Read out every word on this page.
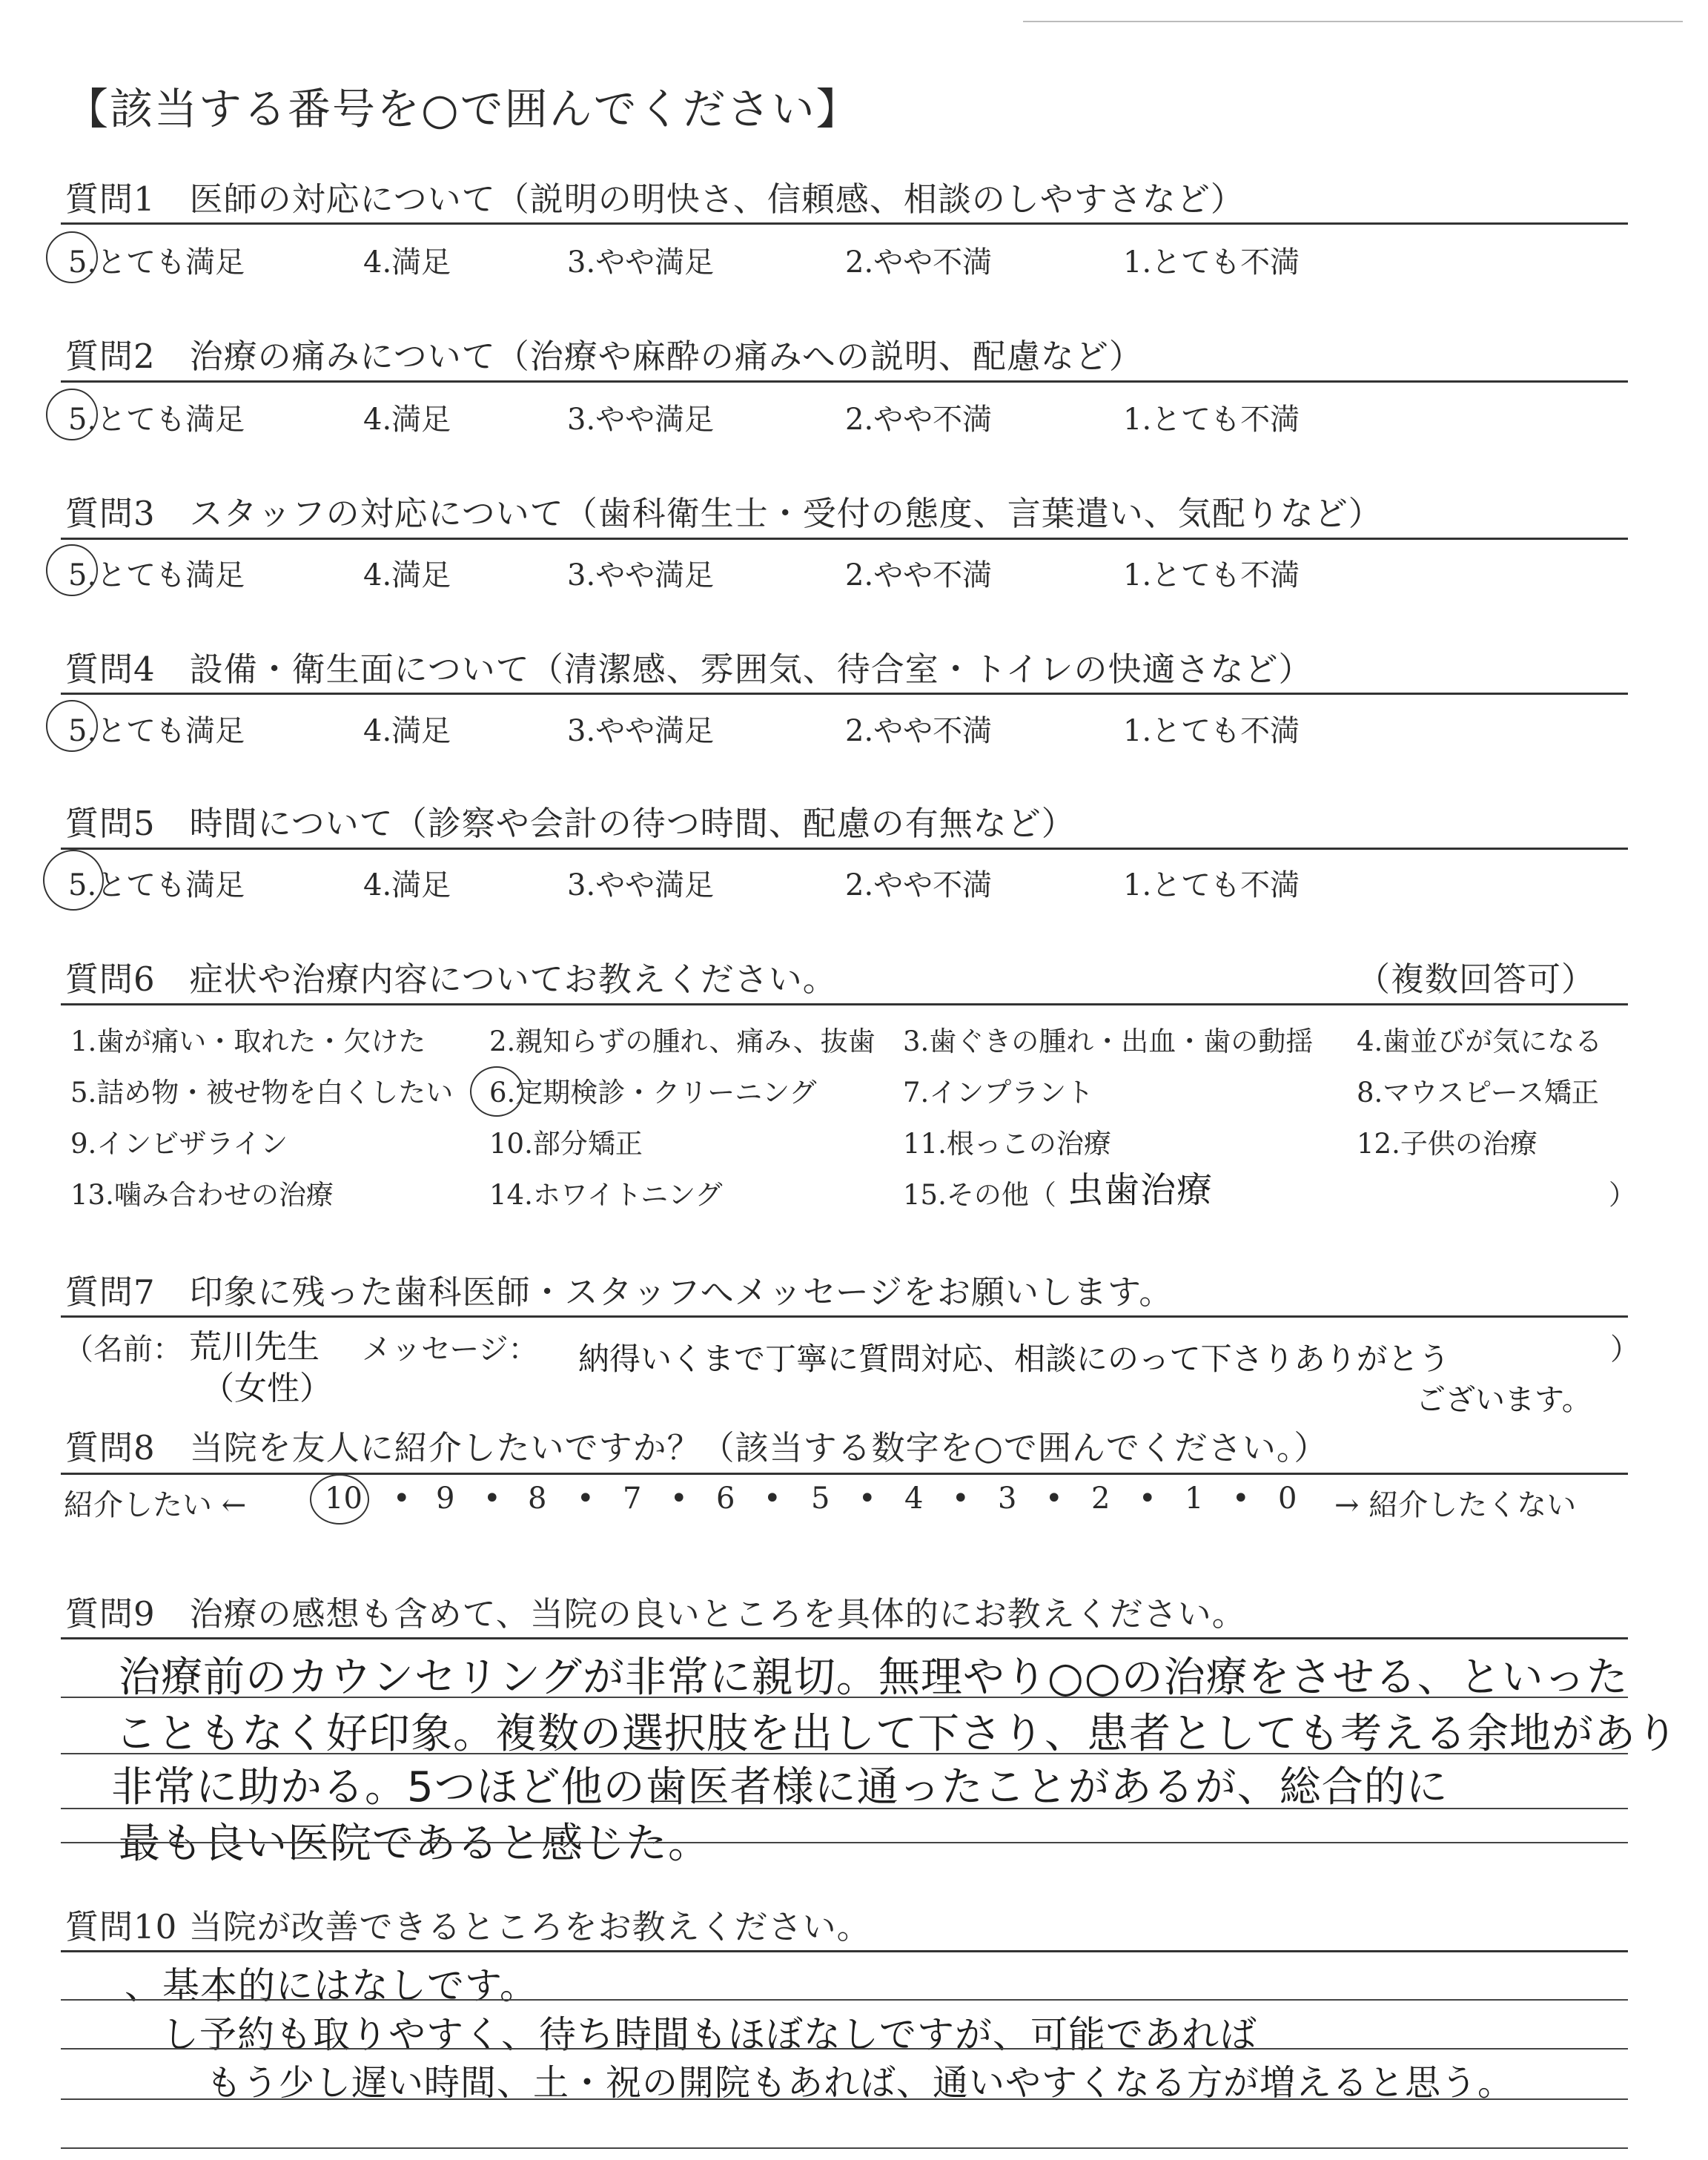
【該当する番号を○で囲んでください】
質問1　医師の対応について（説明の明快さ、信頼感、相談のしやすさなど）
5.とても満足	4.満足	3.やや満足	2.やや不満	1.とても不満
質問2　治療の痛みについて（治療や麻酔の痛みへの説明、配慮など）
5.とても満足	4.満足	3.やや満足	2.やや不満	1.とても不満
質問3　スタッフの対応について（歯科衛生士・受付の態度、言葉遣い、気配りなど）
5.とても満足	4.満足	3.やや満足	2.やや不満	1.とても不満
質問4　設備・衛生面について（清潔感、雰囲気、待合室・トイレの快適さなど）
5.とても満足	4.満足	3.やや満足	2.やや不満	1.とても不満
質問5　時間について（診察や会計の待つ時間、配慮の有無など）
5.とても満足	4.満足	3.やや満足	2.やや不満	1.とても不満
質問6　症状や治療内容についてお教えください。	（複数回答可）
1.歯が痛い・取れた・欠けた 2.親知らずの腫れ、痛み、抜歯 3.歯ぐきの腫れ・出血・歯の動揺 4.歯並びが気になる
5.詰め物・被せ物を白くしたい 6.定期検診・クリーニング	7.インプラント	8.マウスピース矯正
9.インビザライン	10.部分矯正	11.根っこの治療	12.子供の治療
13.噛み合わせの治療	14.ホワイトニング	15.その他（ 虫歯治療	）
質問7　印象に残った歯科医師・スタッフへメッセージをお願いします。
（名前： 荒川先生
（女性）
メッセージ： 納得いくまで丁寧に質問対応、相談にのって下さりありがとう
ございます。
）
質問8　当院を友人に紹介したいですか？（該当する数字を○で囲んでください。）
紹介したい ←	10 • 9 • 8 • 7 • 6 • 5 • 4 • 3 • 2 • 1 • 0 → 紹介したくない
質問9　治療の感想も含めて、当院の良いところを具体的にお教えください。
治療前のカウンセリングが非常に親切。無理やり○○の治療をさせる、といった
こともなく好印象。複数の選択肢を出して下さり、患者としても考える余地があり
非常に助かる。5つほど他の歯医者様に通ったことがあるが、総合的に
最も良い医院であると感じた。
質問10 当院が改善できるところをお教えください。
、基本的にはなしです。
し予約も取りやすく、待ち時間もほぼなしですが、可能であれば
もう少し遅い時間、土・祝の開院もあれば、通いやすくなる方が増えると思う。
